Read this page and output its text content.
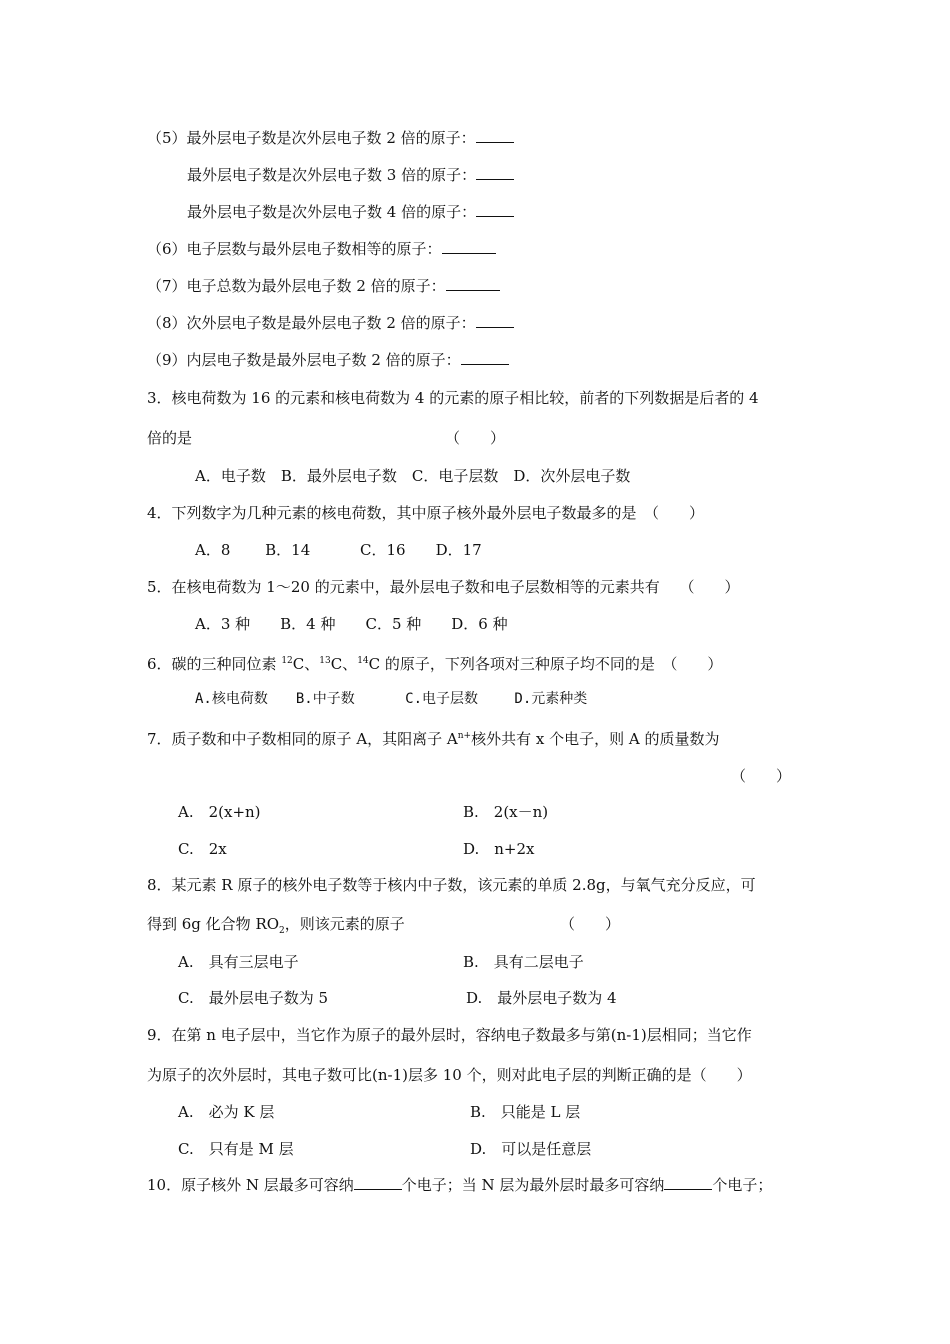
（5）最外层电子数是次外层电子数 2 倍的原子：
最外层电子数是次外层电子数 3 倍的原子：
最外层电子数是次外层电子数 4 倍的原子：
（6）电子层数与最外层电子数相等的原子：
（7）电子总数为最外层电子数 2 倍的原子：
（8）次外层电子数是最外层电子数 2 倍的原子：
（9）内层电子数是最外层电子数 2 倍的原子：
3．核电荷数为 16 的元素和核电荷数为 4 的元素的原子相比较，前者的下列数据是后者的 4
倍的是	（　　）
A．电子数　B．最外层电子数　C．电子层数　D．次外层电子数
4．下列数字为几种元素的核电荷数，其中原子核外最外层电子数最多的是　（　　）
A．8　　 B．14　　　 C．16　　D．17
5．在核电荷数为 1～20 的元素中，最外层电子数和电子层数相等的元素共有　 （　　）
A．3 种　　B．4 种　　C．5 种　　D．6 种
6．碳的三种同位素 $^{12}$C、$^{13}$C、$^{14}$C 的原子，下列各项对三种原子均不同的是　（　　）
A.核电荷数　　B.中子数　　　 C.电子层数　　 D.元素种类
7．质子数和中子数相同的原子 A，其阳离子 $A^{n+}$核外共有 x 个电子，则 A 的质量数为
（　　）
A.　2(x+n)	B.　2(x－n)
C.　2x	D.　n+2x
8．某元素 R 原子的核外电子数等于核内中子数，该元素的单质 2.8g，与氧气充分反应，可
得到 6g 化合物 $RO_2$，则该元素的原子	（　　）
A.　具有三层电子	B.　具有二层电子
C.　最外层电子数为 5	D.　最外层电子数为 4
9．在第 n 电子层中，当它作为原子的最外层时，容纳电子数最多与第(n-1)层相同；当它作
为原子的次外层时，其电子数可比(n-1)层多 10 个，则对此电子层的判断正确的是（　　）
A.　必为 K 层	B.　只能是 L 层
C.　只有是 M 层	D.　可以是任意层
10．原子核外 N 层最多可容纳	个电子；当 N 层为最外层时最多可容纳	个电子；
